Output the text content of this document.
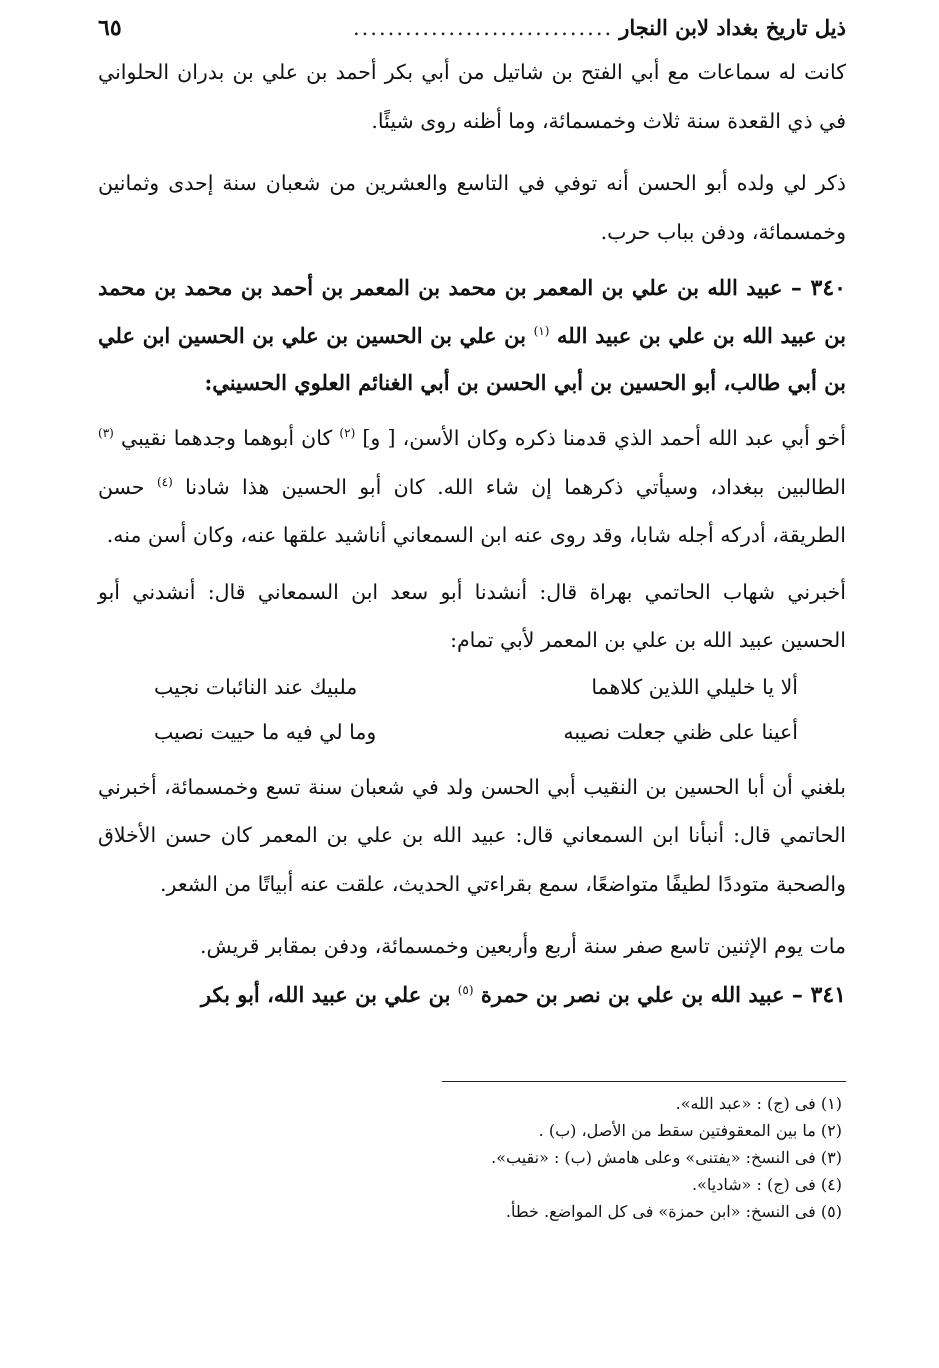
ذيل تاريخ بغداد لابن النجار
..............................
٦٥

كانت له سماعات مع أبي الفتح بن شاتيل من أبي بكر أحمد بن علي بن بدران الحلواني في ذي القعدة سنة ثلاث وخمسمائة، وما أظنه روى شيئًا.

ذكر لي ولده أبو الحسن أنه توفي في التاسع والعشرين من شعبان سنة إحدى وثمانين وخمسمائة، ودفن بباب حرب.

٣٤٠ – عبيد الله بن علي بن المعمر بن محمد بن المعمر بن أحمد بن محمد بن محمد بن عبيد الله بن علي بن عبيد الله $^{(١)}$ بن علي بن الحسين بن علي بن الحسين ابن علي بن أبي طالب، أبو الحسين بن أبي الحسن بن أبي الغنائم العلوي الحسيني:

أخو أبي عبد الله أحمد الذي قدمنا ذكره وكان الأسن، [ و] $^{(٢)}$ كان أبوهما وجدهما نقيبي $^{(٣)}$ الطالبين ببغداد، وسيأتي ذكرهما إن شاء الله. كان أبو الحسين هذا شادنا $^{(٤)}$ حسن الطريقة، أدركه أجله شابا، وقد روى عنه ابن السمعاني أناشيد علقها عنه، وكان أسن منه.

أخبرني شهاب الحاتمي بهراة قال: أنشدنا أبو سعد ابن السمعاني قال: أنشدني أبو الحسين عبيد الله بن علي بن المعمر لأبي تمام:

ألا يا خليلي اللذين كلاهما
ملبيك عند النائبات نجيب
أعينا على ظني جعلت نصيبه
وما لي فيه ما حييت نصيب

بلغني أن أبا الحسين بن النقيب أبي الحسن ولد في شعبان سنة تسع وخمسمائة، أخبرني الحاتمي قال: أنبأنا ابن السمعاني قال: عبيد الله بن علي بن المعمر كان حسن الأخلاق والصحبة متوددًا لطيفًا متواضعًا، سمع بقراءتي الحديث، علقت عنه أبياتًا من الشعر.

مات يوم الإثنين تاسع صفر سنة أربع وأربعين وخمسمائة، ودفن بمقابر قريش.

٣٤١ – عبيد الله بن علي بن نصر بن حمرة $^{(٥)}$ بن علي بن عبيد الله، أبو بكر

(١) فى (ج) : «عبد الله».
(٢) ما بين المعقوفتين سقط من الأصل، (ب) .
(٣) فى النسخ: «يفتنى» وعلى هامش (ب) : «نقيب».
(٤) فى (ج) : «شاديا».
(٥) فى النسخ: «ابن حمزة» فى كل المواضع. خطأ.
